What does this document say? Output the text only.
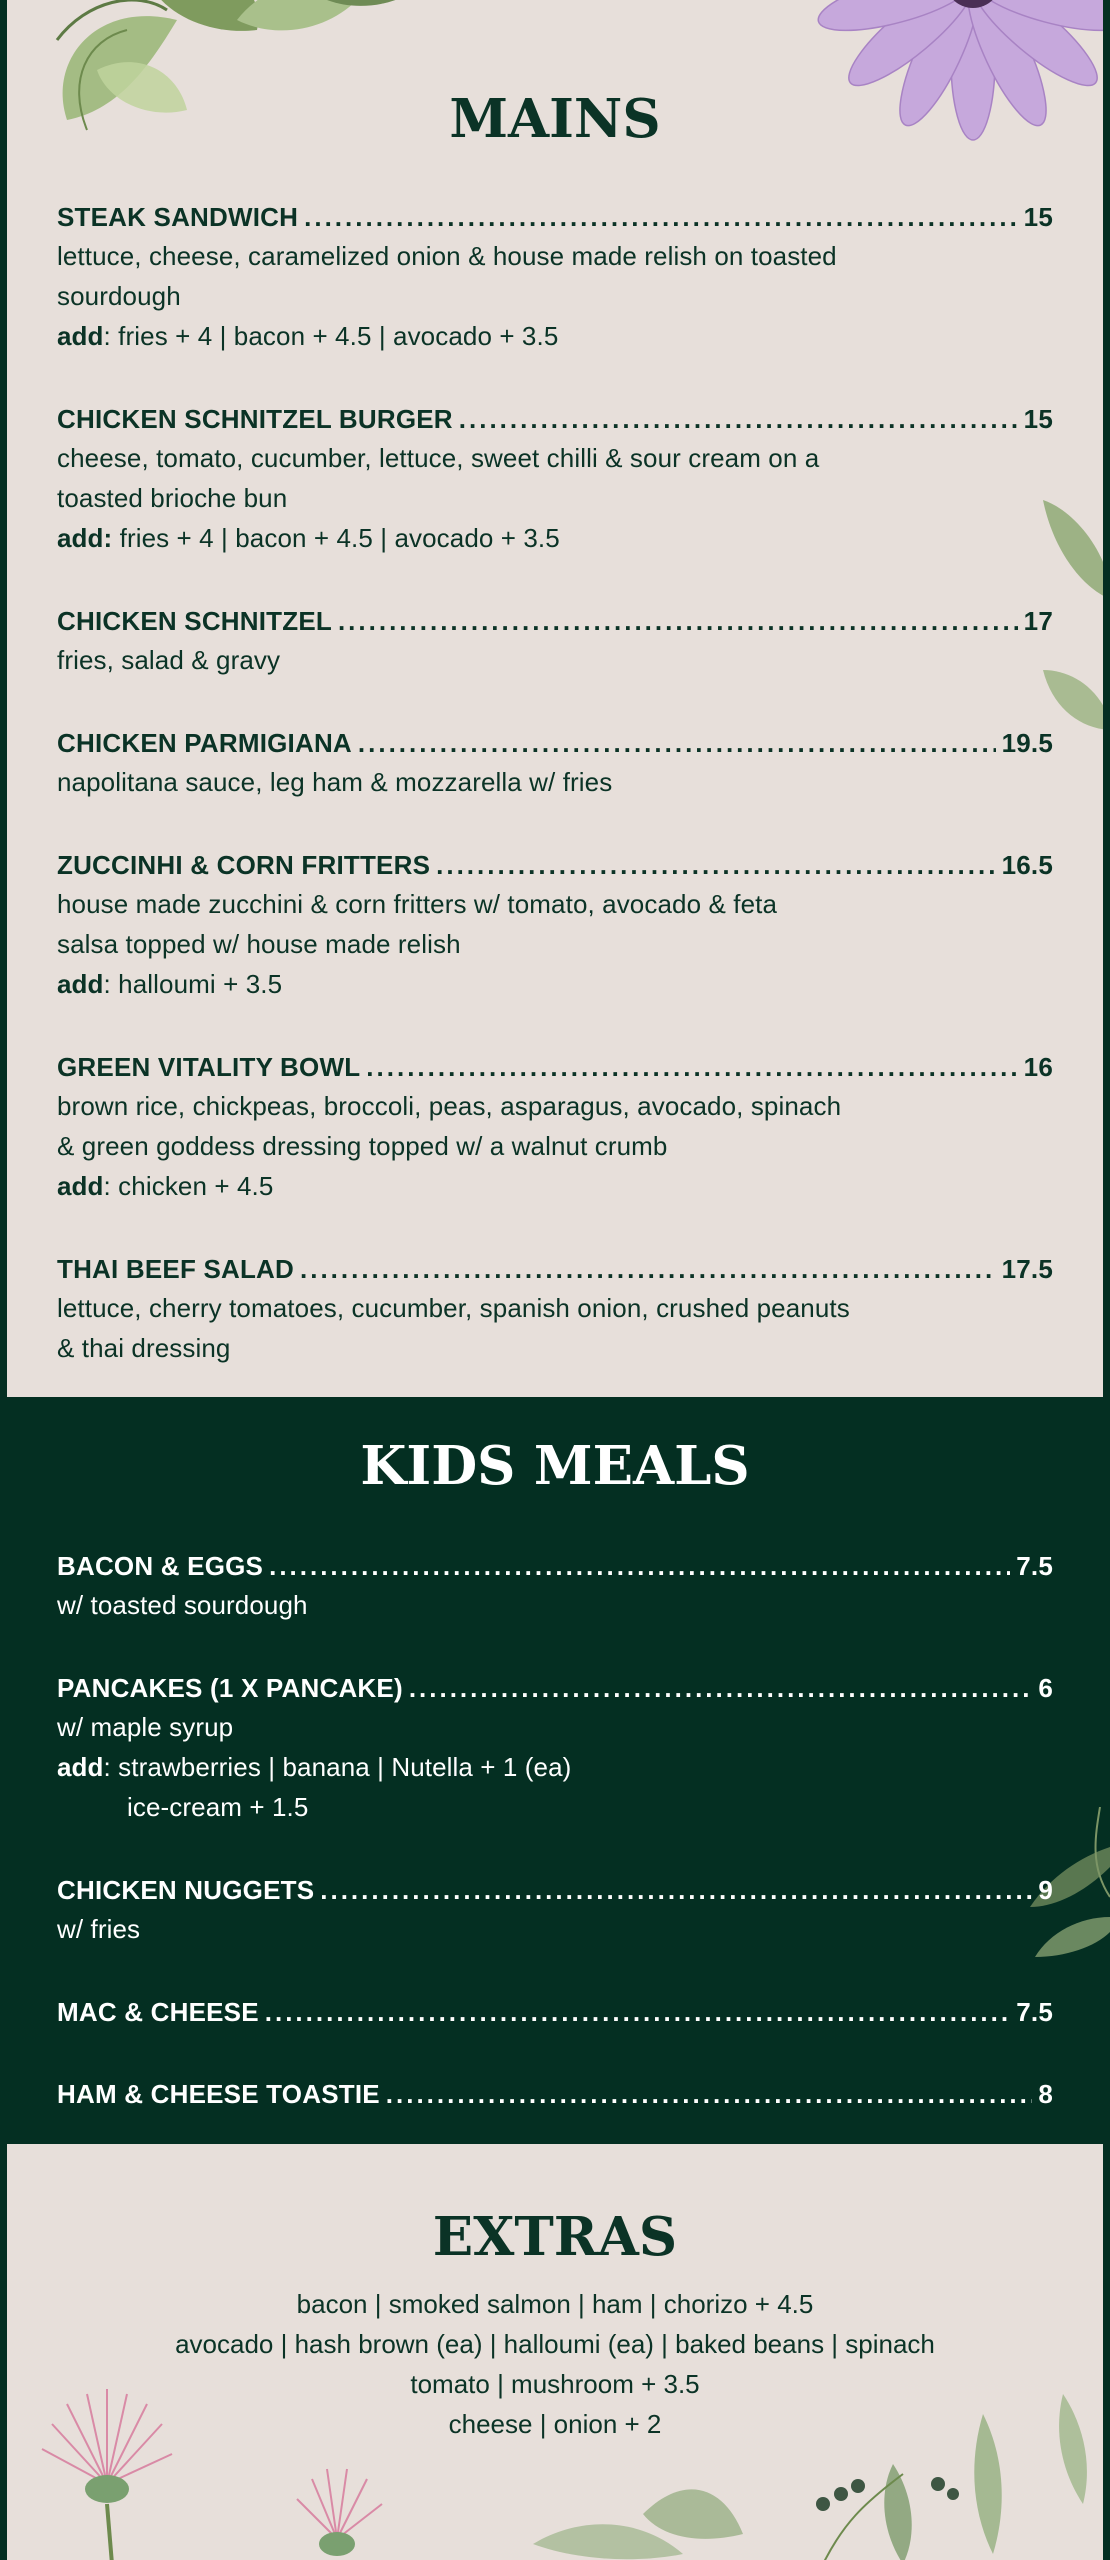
MAINS
STEAK SANDWICH .....	15
lettuce, cheese, caramelized onion & house made relish on toasted
sourdough
add: fries + 4 | bacon + 4.5 | avocado + 3.5
CHICKEN SCHNITZEL BURGER .....	15
cheese, tomato, cucumber, lettuce, sweet chilli & sour cream on a
toasted brioche bun
add: fries + 4 | bacon + 4.5 | avocado + 3.5
CHICKEN SCHNITZEL .....	17
fries, salad & gravy
CHICKEN PARMIGIANA .....	19.5
napolitana sauce, leg ham & mozzarella w/ fries
ZUCCINHI & CORN FRITTERS .....	16.5
house made zucchini & corn fritters w/ tomato, avocado & feta
salsa topped w/ house made relish
add: halloumi + 3.5
GREEN VITALITY BOWL .....	16
brown rice, chickpeas, broccoli, peas, asparagus, avocado, spinach
& green goddess dressing topped w/ a walnut crumb
add: chicken + 4.5
THAI BEEF SALAD .....	17.5
lettuce, cherry tomatoes, cucumber, spanish onion, crushed peanuts
& thai dressing
KIDS MEALS
BACON & EGGS .....	7.5
w/ toasted sourdough
PANCAKES (1 X PANCAKE) .....	6
w/ maple syrup
add: strawberries | banana | Nutella + 1 (ea)
ice-cream + 1.5
CHICKEN NUGGETS .....	9
w/ fries
MAC & CHEESE .....	7.5
HAM & CHEESE TOASTIE .....	8
EXTRAS
bacon | smoked salmon | ham | chorizo + 4.5
avocado | hash brown (ea) | halloumi (ea) | baked beans | spinach
tomato | mushroom + 3.5
cheese | onion + 2
